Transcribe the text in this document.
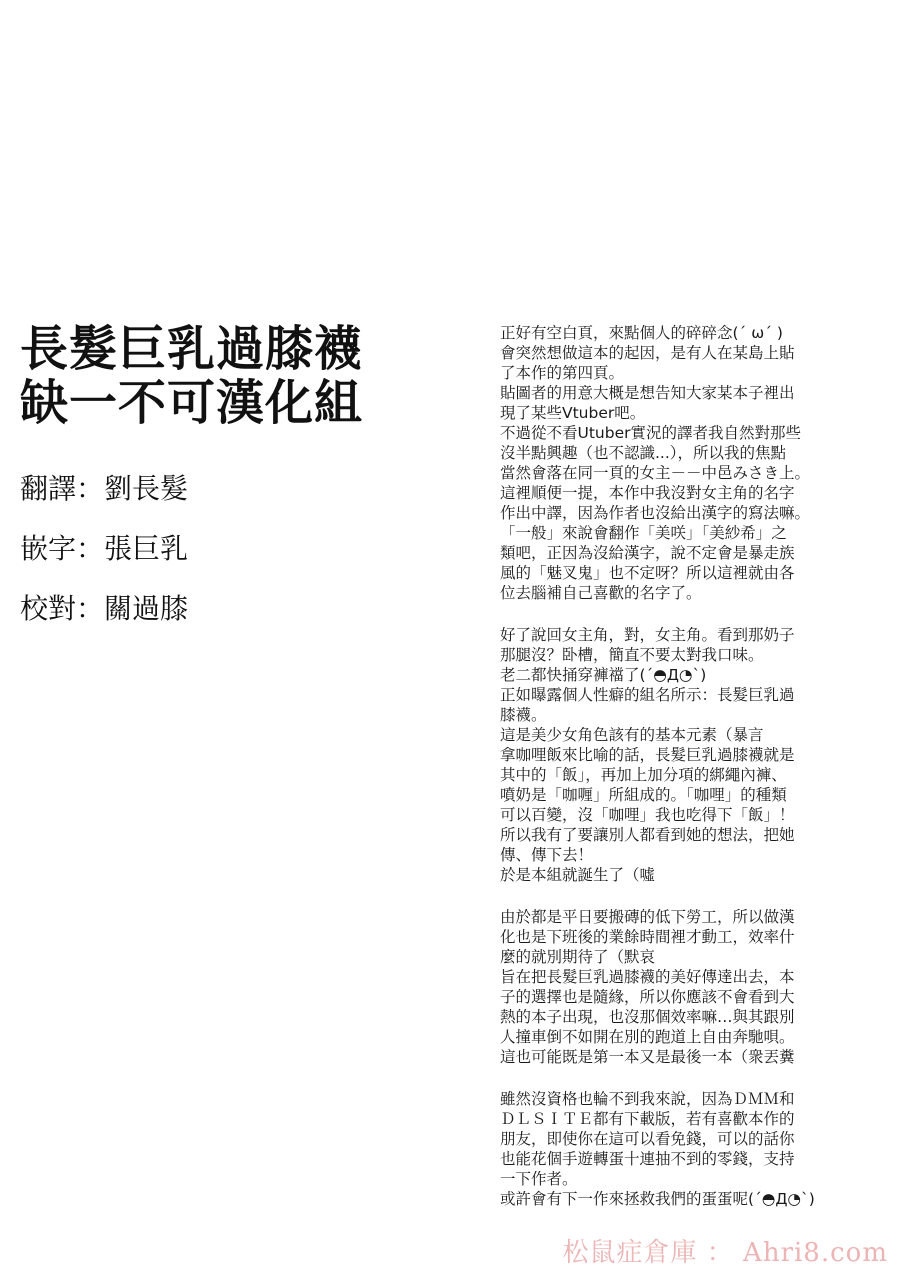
長髮巨乳過膝襪
缺一不可漢化組
翻譯：劉長髮
嵌字：張巨乳
校對：關過膝
正好有空白頁，來點個人的碎碎念(´ ω´ )
會突然想做這本的起因，是有人在某島上貼
了本作的第四頁。
貼圖者的用意大概是想告知大家某本子裡出
現了某些Vtuber吧。
不過從不看Utuber實況的譯者我自然對那些
沒半點興趣（也不認識...），所以我的焦點
當然會落在同一頁的女主－－中邑みさき上。
這裡順便一提，本作中我沒對女主角的名字
作出中譯，因為作者也沒給出漢字的寫法嘛。
「一般」來說會翻作「美咲」「美紗希」之
類吧，正因為沒給漢字，說不定會是暴走族
風的「魅叉鬼」也不定呀？所以這裡就由各
位去腦補自己喜歡的名字了。
好了說回女主角，對，女主角。看到那奶子
那腿沒？卧槽，簡直不要太對我口味。
老二都快捅穿褲襠了(´◓Д◔`)
正如曝露個人性癖的組名所示：長髮巨乳過
膝襪。
這是美少女角色該有的基本元素（暴言
拿咖哩飯來比喻的話，長髮巨乳過膝襪就是
其中的「飯」，再加上加分項的綁繩內褲、
噴奶是「咖喱」所組成的。「咖哩」的種類
可以百變，沒「咖哩」我也吃得下「飯」！
所以我有了要讓別人都看到她的想法，把她
傳、傳下去！
於是本組就誕生了（噓
由於都是平日要搬磚的低下勞工，所以做漢
化也是下班後的業餘時間裡才動工，效率什
麼的就別期待了（默哀
旨在把長髮巨乳過膝襪的美好傳達出去，本
子的選擇也是隨緣，所以你應該不會看到大
熱的本子出現，也沒那個效率嘛…與其跟別
人撞車倒不如開在別的跑道上自由奔馳唄。
這也可能既是第一本又是最後一本（衆丟糞
雖然沒資格也輪不到我來說，因為ＤＭＭ和
ＤＬＳＩＴＥ都有下載版，若有喜歡本作的
朋友，即使你在這可以看免錢，可以的話你
也能花個手遊轉蛋十連抽不到的零錢，支持
一下作者。
或許會有下一作來拯救我們的蛋蛋呢(´◓Д◔`)
松鼠症倉庫 ： Ahri8.com
